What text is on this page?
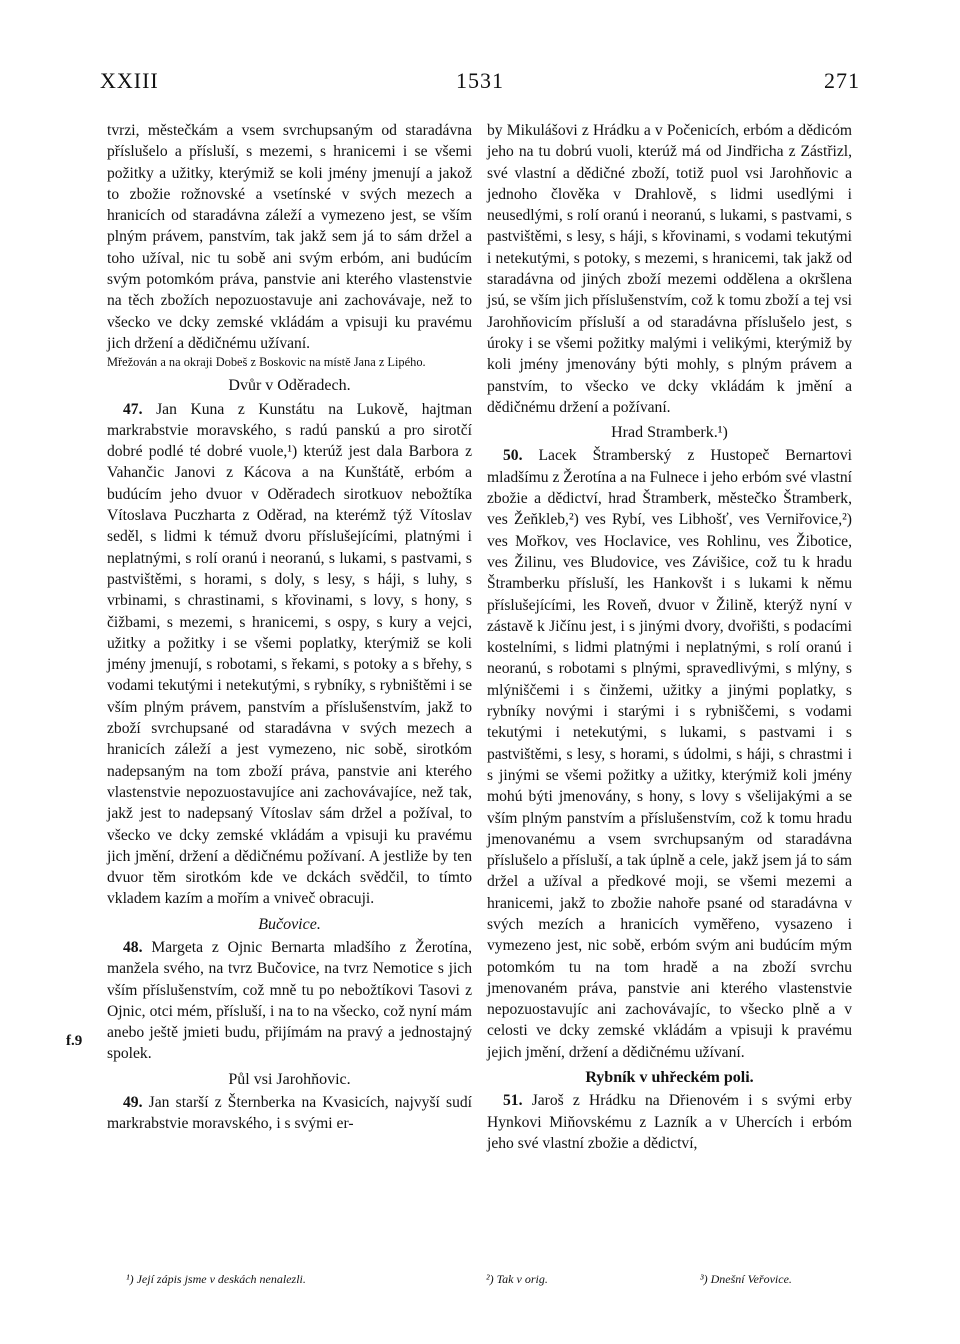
XXIII	1531	271
f.9

tvrzi, městečkám a vsem svrchupsaným od staradávna příslušelo a přísluší, s mezemi, s hranicemi i se všemi požitky a užitky, kterýmiž se koli jmény jmenují a jakož to zbožie rožnovské a vsetínské v svých mezech a hranicích od staradávna záleží a vymezeno jest, se vším plným právem, panstvím, tak jakž sem já to sám držel a toho užíval, nic tu sobě ani svým erbóm, ani budúcím svým potomkóm práva, panstvie ani kterého vlastenstvie na těch zbožích nepozuostavuje ani zachovávaje, než to všecko ve dcky zemské vkládám a vpisuji ku pravému jich držení a dědičnému užívaní.

Mřežován a na okraji Dobeš z Boskovic na místě Jana z Lipého.

Dvůr v Oděradech.

47. Jan Kuna z Kunstátu na Lukově, hajtman markrabstvie moravského, s radú panskú a pro sirotčí dobré podlé té dobré vuole,¹) kterúž jest dala Barbora z Vahančic Janovi z Kácova a na Kunštátě, erbóm a budúcím jeho dvuor v Oděradech sirotkuov nebožtíka Vítoslava Puczharta z Oděrad, na kterémž týž Vítoslav seděl, s lidmi k témuž dvoru příslušejícími, platnými i neplatnými, s rolí oranú i neoranú, s lukami, s pastvami, s pastvištěmi, s horami, s doly, s lesy, s háji, s luhy, s vrbinami, s chrastinami, s křovinami, s lovy, s hony, s čižbami, s mezemi, s hranicemi, s ospy, s kury a vejci, užitky a požitky i se všemi poplatky, kterýmiž se koli jmény jmenují, s robotami, s řekami, s potoky a s břehy, s vodami tekutými i netekutými, s rybníky, s rybništěmi i se vším plným právem, panstvím a příslušenstvím, jakž to zboží svrchupsané od staradávna v svých mezech a hranicích záleží a jest vymezeno, nic sobě, sirotkóm nadepsaným na tom zboží práva, panstvie ani kterého vlastenstvie nepozuostavujíce ani zachovávajíce, než tak, jakž jest to nadepsaný Vítoslav sám držel a požíval, to všecko ve dcky zemské vkládám a vpisuji ku pravému jich jmění, držení a dědičnému požívaní. A jestliže by ten dvuor těm sirotkóm kde ve dckách svědčil, to tímto vkladem kazím a mořím a vniveč obracuji.

Bučovice.

48. Margeta z Ojnic Bernarta mladšího z Žerotína, manžela svého, na tvrz Bučovice, na tvrz Nemotice s jich vším příslušenstvím, což mně tu po nebožtíkovi Tasovi z Ojnic, otci mém, přísluší, i na to na všecko, což nyní mám anebo ještě jmieti budu, přijímám na pravý a jednostajný spolek.

Půl vsi Jarohňovic.

49. Jan starší z Šternberka na Kvasicích, najvyší sudí markrabstvie moravského, i s svými er-

by Mikulášovi z Hrádku a v Počenicích, erbóm a dědicóm jeho na tu dobrú vuoli, kterúž má od Jindřicha z Zástřizl, své vlastní a dědičné zboží, totiž puol vsi Jarohňovic a jednoho člověka v Drahlově, s lidmi usedlými i neusedlými, s rolí oranú i neoranú, s lukami, s pastvami, s pastvištěmi, s lesy, s háji, s křovinami, s vodami tekutými i netekutými, s potoky, s mezemi, s hranicemi, tak jakž od staradávna od jiných zboží mezemi oddělena a okršlena jsú, se vším jich příslušenstvím, což k tomu zboží a tej vsi Jarohňovicím přísluší a od staradávna příslušelo jest, s úroky i se všemi požitky malými i velikými, kterýmiž by koli jmény jmenovány býti mohly, s plným právem a panstvím, to všecko ve dcky vkládám k jmění a dědičnému držení a požívaní.

Hrad Stramberk.¹)

50. Lacek Štramberský z Hustopeč Bernartovi mladšímu z Žerotína a na Fulnece i jeho erbóm své vlastní zbožie a dědictví, hrad Štramberk, městečko Štramberk, ves Žeňkleb,²) ves Rybí, ves Libhošť, ves Verniřovice,²) ves Mořkov, ves Hoclavice, ves Rohlinu, ves Žibotice, ves Žilinu, ves Bludovice, ves Závišice, což tu k hradu Štramberku přísluší, les Hankovšt i s lukami k němu příslušejícími, les Roveň, dvuor v Žilině, kterýž nyní v zástavě k Jičínu jest, i s jinými dvory, dvořišti, s podacími kostelními, s lidmi platnými i neplatnými, s rolí oranú i neoranú, s robotami s plnými, spravedlivými, s mlýny, s mlýniščemi i s činžemi, užitky a jinými poplatky, s rybníky novými i starými i s rybniščemi, s vodami tekutými i netekutými, s lukami, s pastvami i s pastvištěmi, s lesy, s horami, s údolmi, s háji, s chrastmi i s jinými se všemi požitky a užitky, kterýmiž koli jmény mohú býti jmenovány, s hony, s lovy s všelijakými a se vším plným panstvím a příslušenstvím, což k tomu hradu jmenovanému a vsem svrchupsaným od staradávna příslušelo a přísluší, a tak úplně a cele, jakž jsem já to sám držel a užíval a předkové moji, se všemi mezemi a hranicemi, jakž to zbožie nahoře psané od staradávna v svých mezích a hranicích vyměřeno, vysazeno i vymezeno jest, nic sobě, erbóm svým ani budúcím mým potomkóm tu na tom hradě a na zboží svrchu jmenovaném práva, panstvie ani kterého vlastenstvie nepozuostavujíc ani zachovávajíc, to všecko plně a v celosti ve dcky zemské vkládám a vpisuji k pravému jejich jmění, držení a dědičnému užívaní.

Rybník v uhřeckém poli.

51. Jaroš z Hrádku na Dřienovém i s svými erby Hynkovi Miňovskému z Lazník a v Uhercích i erbóm jeho své vlastní zbožie a dědictví,

¹) Její zápis jsme v deskách nenalezli.	²) Tak v orig.	³) Dnešní Veřovice.
